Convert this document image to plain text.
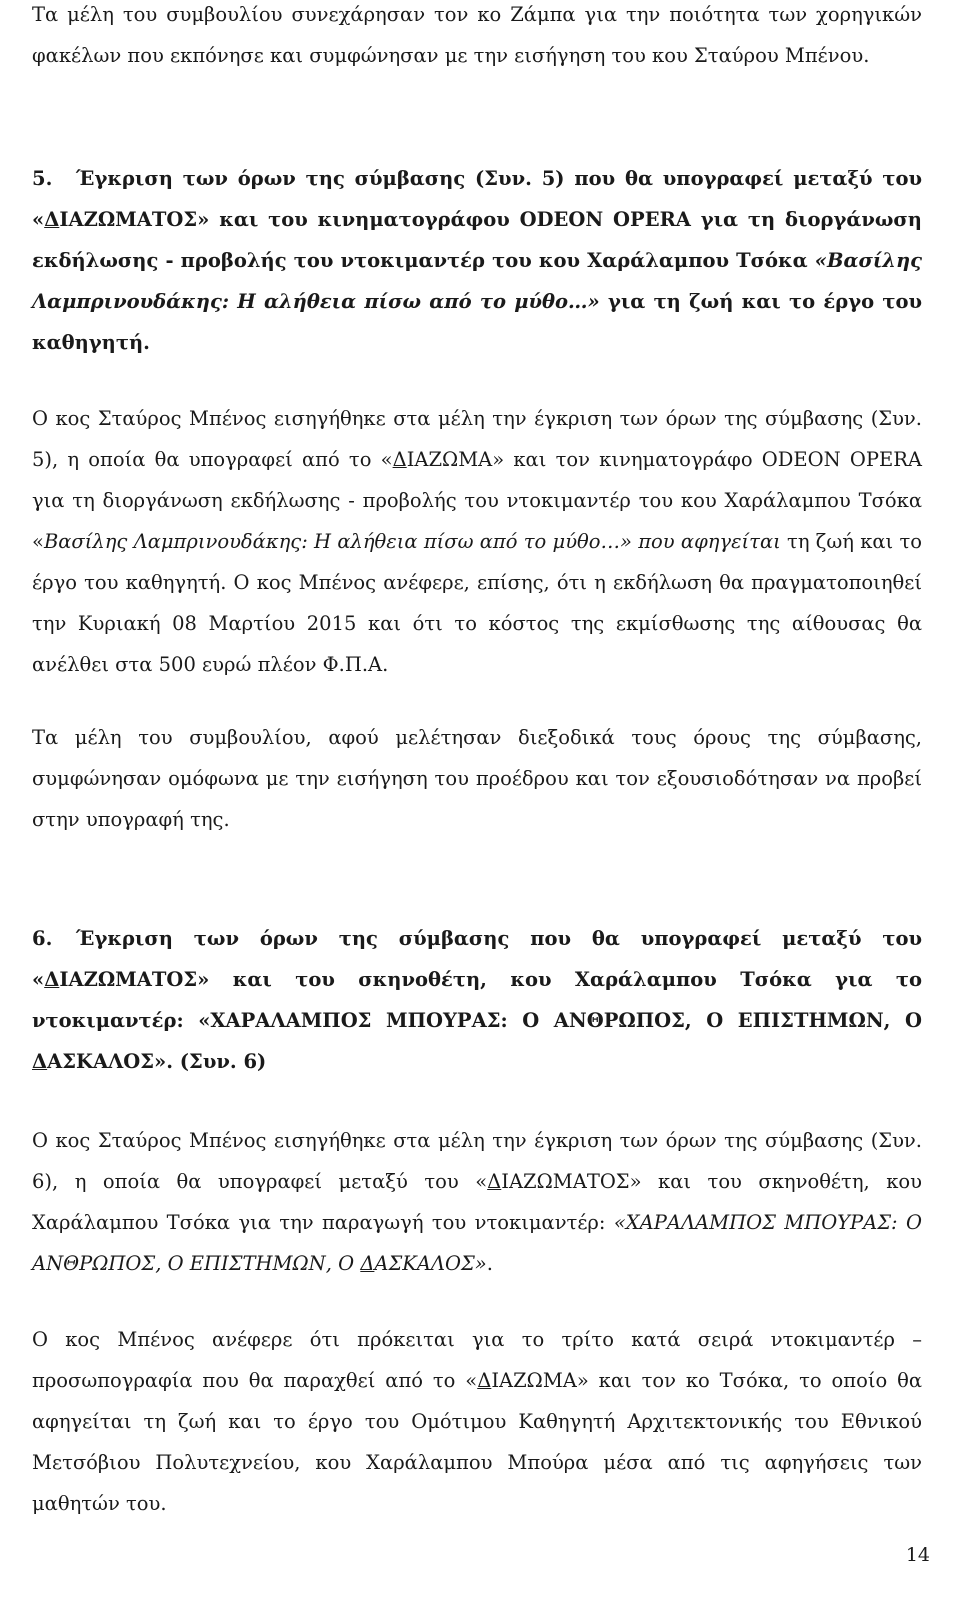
Τα μέλη του συμβουλίου συνεχάρησαν τον κο Ζάμπα για την ποιότητα των χορηγικών φακέλων που εκπόνησε και συμφώνησαν με την εισήγηση του κου Σταύρου Μπένου.

5. Έγκριση των όρων της σύμβασης (Συν. 5) που θα υπογραφεί μεταξύ του «ΔΙΑΖΩΜΑΤΟΣ» και του κινηματογράφου ODEON OPERA για τη διοργάνωση εκδήλωσης - προβολής του ντοκιμαντέρ του κου Χαράλαμπου Τσόκα «Βασίλης Λαμπρινουδάκης: Η αλήθεια πίσω από το μύθο…» για τη ζωή και το έργο του καθηγητή.

Ο κος Σταύρος Μπένος εισηγήθηκε στα μέλη την έγκριση των όρων της σύμβασης (Συν. 5), η οποία θα υπογραφεί από το «ΔΙΑΖΩΜΑ» και τον κινηματογράφο ODEON OPERA για τη διοργάνωση εκδήλωσης - προβολής του ντοκιμαντέρ του κου Χαράλαμπου Τσόκα «Βασίλης Λαμπρινουδάκης: Η αλήθεια πίσω από το μύθο…» που αφηγείται τη ζωή και το έργο του καθηγητή. Ο κος Μπένος ανέφερε, επίσης, ότι η εκδήλωση θα πραγματοποιηθεί την Κυριακή 08 Μαρτίου 2015 και ότι το κόστος της εκμίσθωσης της αίθουσας θα ανέλθει στα 500 ευρώ πλέον Φ.Π.Α.

Τα μέλη του συμβουλίου, αφού μελέτησαν διεξοδικά τους όρους της σύμβασης, συμφώνησαν ομόφωνα με την εισήγηση του προέδρου και τον εξουσιοδότησαν να προβεί στην υπογραφή της.

6. Έγκριση των όρων της σύμβασης που θα υπογραφεί μεταξύ του «ΔΙΑΖΩΜΑΤΟΣ» και του σκηνοθέτη, κου Χαράλαμπου Τσόκα για το ντοκιμαντέρ: «ΧΑΡΑΛΑΜΠΟΣ ΜΠΟΥΡΑΣ: Ο ΑΝΘΡΩΠΟΣ, Ο ΕΠΙΣΤΗΜΩΝ, Ο ΔΑΣΚΑΛΟΣ». (Συν. 6)

Ο κος Σταύρος Μπένος εισηγήθηκε στα μέλη την έγκριση των όρων της σύμβασης (Συν. 6), η οποία θα υπογραφεί μεταξύ του «ΔΙΑΖΩΜΑΤΟΣ» και του σκηνοθέτη, κου Χαράλαμπου Τσόκα για την παραγωγή του ντοκιμαντέρ: «ΧΑΡΑΛΑΜΠΟΣ ΜΠΟΥΡΑΣ: Ο ΑΝΘΡΩΠΟΣ, Ο ΕΠΙΣΤΗΜΩΝ, Ο ΔΑΣΚΑΛΟΣ».

Ο κος Μπένος ανέφερε ότι πρόκειται για το τρίτο κατά σειρά ντοκιμαντέρ – προσωπογραφία που θα παραχθεί από το «ΔΙΑΖΩΜΑ» και τον κο Τσόκα, το οποίο θα αφηγείται τη ζωή και το έργο του Ομότιμου Καθηγητή Αρχιτεκτονικής του Εθνικού Μετσόβιου Πολυτεχνείου, κου Χαράλαμπου Μπούρα μέσα από τις αφηγήσεις των μαθητών του.

14
